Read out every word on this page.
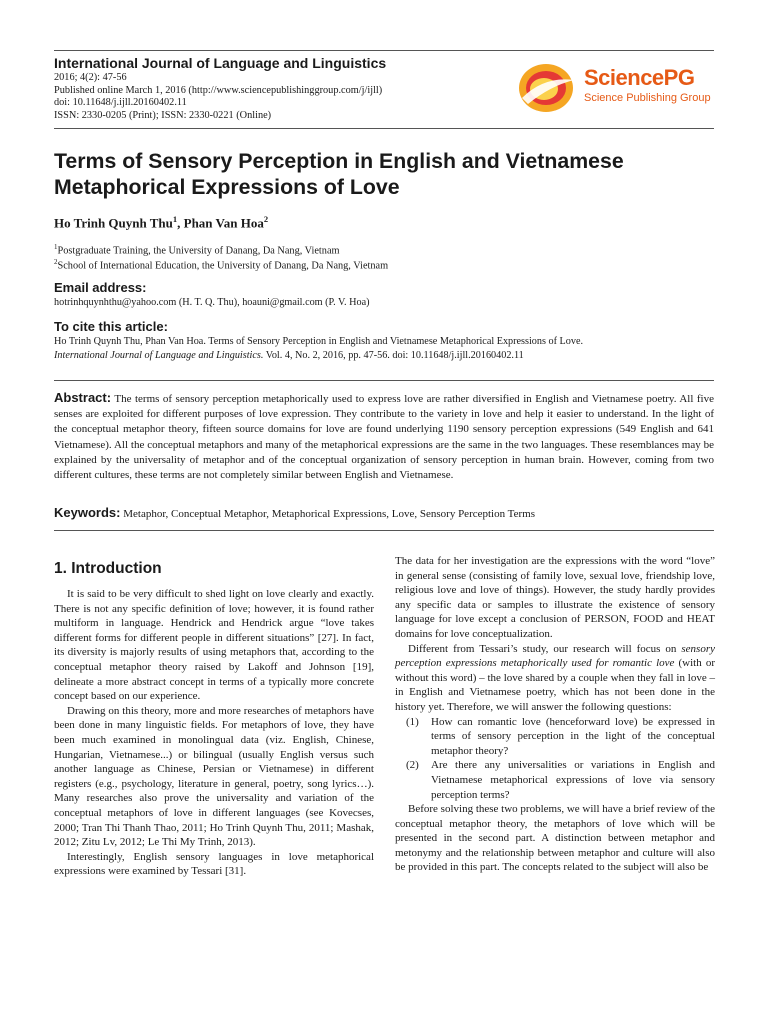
International Journal of Language and Linguistics
2016; 4(2): 47-56
Published online March 1, 2016 (http://www.sciencepublishinggroup.com/j/ijll)
doi: 10.11648/j.ijll.20160402.11
ISSN: 2330-0205 (Print); ISSN: 2330-0221 (Online)
SciencePG
Science Publishing Group
Terms of Sensory Perception in English and Vietnamese
Metaphorical Expressions of Love
Ho Trinh Quynh Thu$^1$, Phan Van Hoa$^2$
$^1$Postgraduate Training, the University of Danang, Da Nang, Vietnam
$^2$School of International Education, the University of Danang, Da Nang, Vietnam
Email address:
hotrinhquynhthu@yahoo.com (H. T. Q. Thu), hoauni@gmail.com (P. V. Hoa)
To cite this article:
Ho Trinh Quynh Thu, Phan Van Hoa. Terms of Sensory Perception in English and Vietnamese Metaphorical Expressions of Love.
International Journal of Language and Linguistics. Vol. 4, No. 2, 2016, pp. 47-56. doi: 10.11648/j.ijll.20160402.11
Abstract: The terms of sensory perception metaphorically used to express love are rather diversified in English and Vietnamese poetry. All five senses are exploited for different purposes of love expression. They contribute to the variety in love and help it easier to understand. In the light of the conceptual metaphor theory, fifteen source domains for love are found underlying 1190 sensory perception expressions (549 English and 641 Vietnamese). All the conceptual metaphors and many of the metaphorical expressions are the same in the two languages. These resemblances may be explained by the universality of metaphor and of the conceptual organization of sensory perception in human brain. However, coming from two different cultures, these terms are not completely similar between English and Vietnamese.
Keywords: Metaphor, Conceptual Metaphor, Metaphorical Expressions, Love, Sensory Perception Terms
1. Introduction

It is said to be very difficult to shed light on love clearly and exactly. There is not any specific definition of love; however, it is found rather multiform in language. Hendrick and Hendrick argue “love takes different forms for different people in different situations” [27]. In fact, its diversity is majorly results of using metaphors that, according to the conceptual metaphor theory raised by Lakoff and Johnson [19], delineate a more abstract concept in terms of a typically more concrete concept based on our experience.

Drawing on this theory, more and more researches of metaphors have been done in many linguistic fields. For metaphors of love, they have been much examined in monolingual data (viz. English, Chinese, Hungarian, Vietnamese...) or bilingual (usually English versus such another language as Chinese, Persian or Vietnamese) in different registers (e.g., psychology, literature in general, poetry, song lyrics…). Many researches also prove the universality and variation of the conceptual metaphors of love in different languages (see Kovecses, 2000; Tran Thi Thanh Thao, 2011; Ho Trinh Quynh Thu, 2011; Mashak, 2012; Zitu Lv, 2012; Le Thi My Trinh, 2013).

Interestingly, English sensory languages in love metaphorical expressions were examined by Tessari [31].

The data for her investigation are the expressions with the word “love” in general sense (consisting of family love, sexual love, friendship love, religious love and love of things). However, the study hardly provides any specific data or samples to illustrate the existence of sensory language for love except a conclusion of PERSON, FOOD and HEAT domains for love conceptualization.

Different from Tessari’s study, our research will focus on sensory perception expressions metaphorically used for romantic love (with or without this word) – the love shared by a couple when they fall in love – in English and Vietnamese poetry, which has not been done in the history yet. Therefore, we will answer the following questions:

(1)	How can romantic love (henceforward love) be expressed in terms of sensory perception in the light of the conceptual metaphor theory?
(2)	Are there any universalities or variations in English and Vietnamese metaphorical expressions of love via sensory perception terms?

Before solving these two problems, we will have a brief review of the conceptual metaphor theory, the metaphors of love which will be presented in the second part. A distinction between metaphor and metonymy and the relationship between metaphor and culture will also be provided in this part. The concepts related to the subject will also be
